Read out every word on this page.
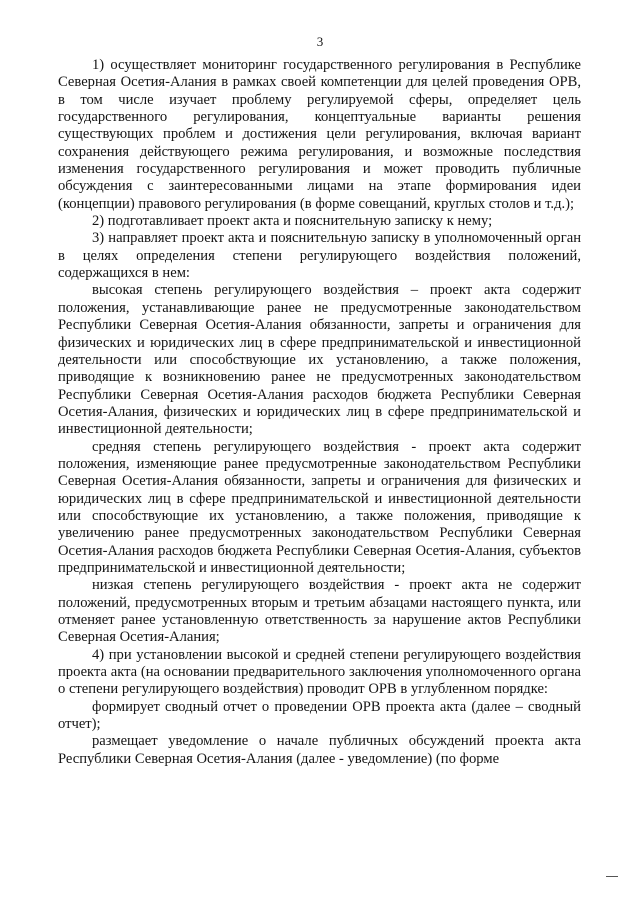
3

1) осуществляет мониторинг государственного регулирования в Республике Северная Осетия-Алания в рамках своей компетенции для целей проведения ОРВ, в том числе изучает проблему регулируемой сферы, определяет цель государственного регулирования, концептуальные варианты решения существующих проблем и достижения цели регулирования, включая вариант сохранения действующего режима регулирования, и возможные последствия изменения государственного регулирования и может проводить публичные обсуждения с заинтересованными лицами на этапе формирования идеи (концепции) правового регулирования (в форме совещаний, круглых столов и т.д.);

2) подготавливает проект акта и пояснительную записку к нему;

3) направляет проект акта и пояснительную записку в уполномоченный орган в целях определения степени регулирующего воздействия положений, содержащихся в нем:

высокая степень регулирующего воздействия – проект акта содержит положения, устанавливающие ранее не предусмотренные законодательством Республики Северная Осетия-Алания обязанности, запреты и ограничения для физических и юридических лиц в сфере предпринимательской и инвестиционной деятельности или способствующие их установлению, а также положения, приводящие к возникновению ранее не предусмотренных законодательством Республики Северная Осетия-Алания расходов бюджета Республики Северная Осетия-Алания, физических и юридических лиц в сфере предпринимательской и инвестиционной деятельности;

средняя степень регулирующего воздействия - проект акта содержит положения, изменяющие ранее предусмотренные законодательством Республики Северная Осетия-Алания обязанности, запреты и ограничения для физических и юридических лиц в сфере предпринимательской и инвестиционной деятельности или способствующие их установлению, а также положения, приводящие к увеличению ранее предусмотренных законодательством Республики Северная Осетия-Алания расходов бюджета Республики Северная Осетия-Алания, субъектов предпринимательской и инвестиционной деятельности;

низкая степень регулирующего воздействия - проект акта не содержит положений, предусмотренных вторым и третьим абзацами настоящего пункта, или отменяет ранее установленную ответственность за нарушение актов Республики Северная Осетия-Алания;

4) при установлении высокой и средней степени регулирующего воздействия проекта акта (на основании предварительного заключения уполномоченного органа о степени регулирующего воздействия) проводит ОРВ в углубленном порядке:

формирует сводный отчет о проведении ОРВ проекта акта (далее – сводный отчет);

размещает уведомление о начале публичных обсуждений проекта акта Республики Северная Осетия-Алания (далее - уведомление) (по форме
